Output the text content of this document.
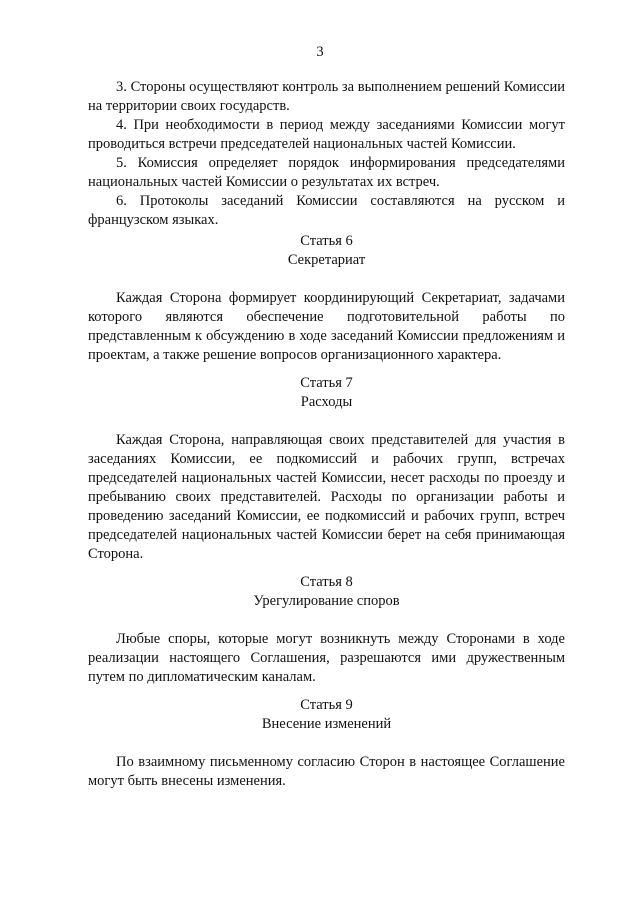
3

3. Стороны осуществляют контроль за выполнением решений Комиссии на территории своих государств.

4. При необходимости в период между заседаниями Комиссии могут проводиться встречи председателей национальных частей Комиссии.

5. Комиссия определяет порядок информирования председателями национальных частей Комиссии о результатах их встреч.

6. Протоколы заседаний Комиссии составляются на русском и французском языках.

Статья 6

Секретариат

Каждая Сторона формирует координирующий Секретариат, задачами которого являются обеспечение подготовительной работы по представленным к обсуждению в ходе заседаний Комиссии предложениям и проектам, а также решение вопросов организационного характера.

Статья 7

Расходы

Каждая Сторона, направляющая своих представителей для участия в заседаниях Комиссии, ее подкомиссий и рабочих групп, встречах председателей национальных частей Комиссии, несет расходы по проезду и пребыванию своих представителей. Расходы по организации работы и проведению заседаний Комиссии, ее подкомиссий и рабочих групп, встреч председателей национальных частей Комиссии берет на себя принимающая Сторона.

Статья 8

Урегулирование споров

Любые споры, которые могут возникнуть между Сторонами в ходе реализации настоящего Соглашения, разрешаются ими дружественным путем по дипломатическим каналам.

Статья 9

Внесение изменений

По взаимному письменному согласию Сторон в настоящее Соглашение могут быть внесены изменения.
